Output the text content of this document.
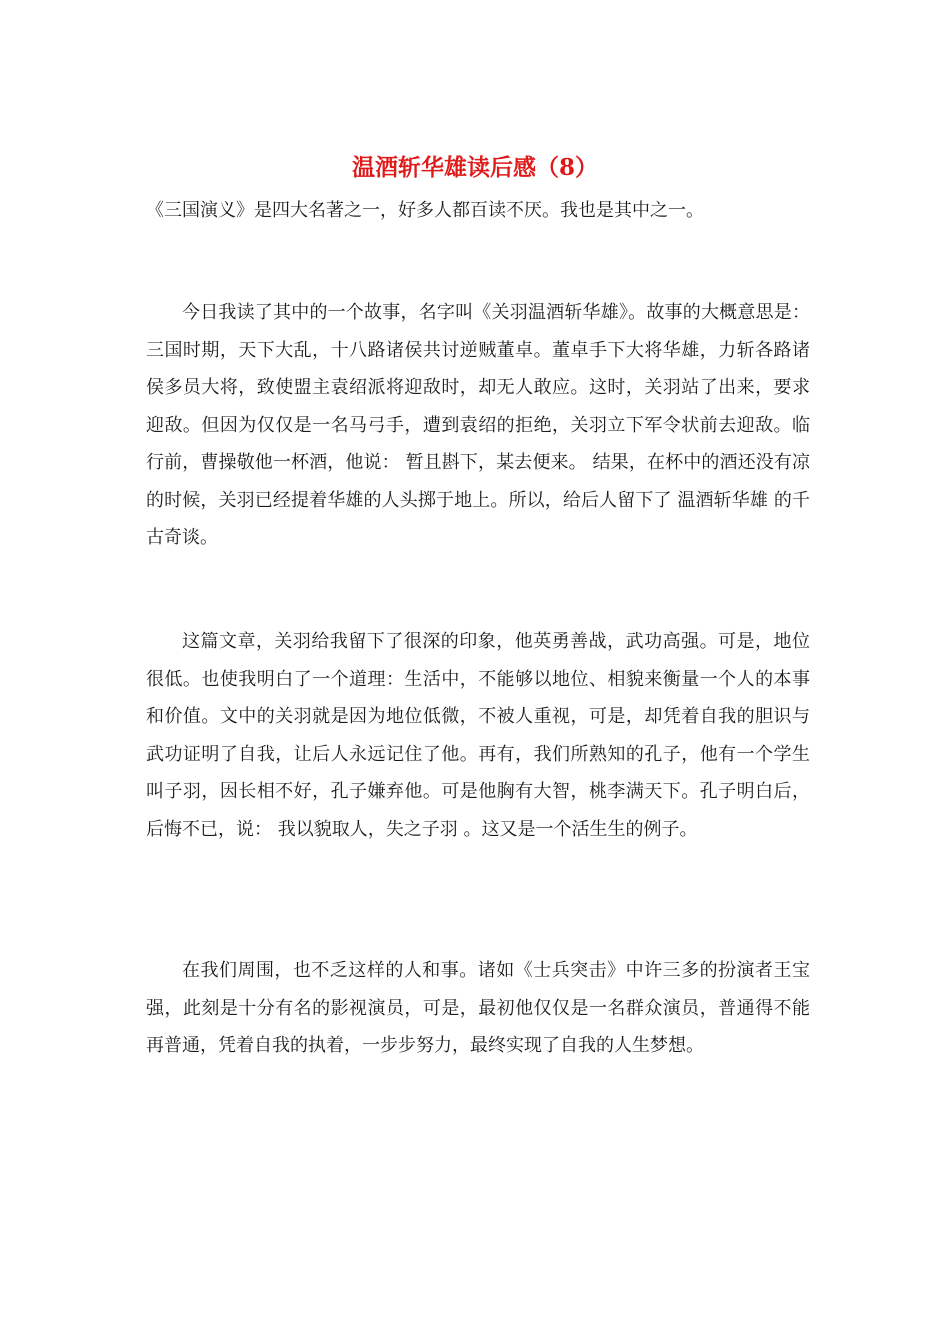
温酒斩华雄读后感（8）

《三国演义》是四大名著之一，好多人都百读不厌。我也是其中之一。

今日我读了其中的一个故事，名字叫《关羽温酒斩华雄》。故事的大概意思是：三国时期，天下大乱，十八路诸侯共讨逆贼董卓。董卓手下大将华雄，力斩各路诸侯多员大将，致使盟主袁绍派将迎敌时，却无人敢应。这时，关羽站了出来，要求迎敌。但因为仅仅是一名马弓手，遭到袁绍的拒绝，关羽立下军令状前去迎敌。临行前，曹操敬他一杯酒，他说： 暂且斟下，某去便来。 结果，在杯中的酒还没有凉的时候，关羽已经提着华雄的人头掷于地上。所以，给后人留下了 温酒斩华雄 的千古奇谈。

这篇文章，关羽给我留下了很深的印象，他英勇善战，武功高强。可是，地位很低。也使我明白了一个道理：生活中，不能够以地位、相貌来衡量一个人的本事和价值。文中的关羽就是因为地位低微，不被人重视，可是，却凭着自我的胆识与武功证明了自我，让后人永远记住了他。再有，我们所熟知的孔子，他有一个学生叫子羽，因长相不好，孔子嫌弃他。可是他胸有大智，桃李满天下。孔子明白后，后悔不已，说： 我以貌取人，失之子羽 。这又是一个活生生的例子。

在我们周围，也不乏这样的人和事。诸如《士兵突击》中许三多的扮演者王宝强，此刻是十分有名的影视演员，可是，最初他仅仅是一名群众演员，普通得不能再普通，凭着自我的执着，一步步努力，最终实现了自我的人生梦想。
